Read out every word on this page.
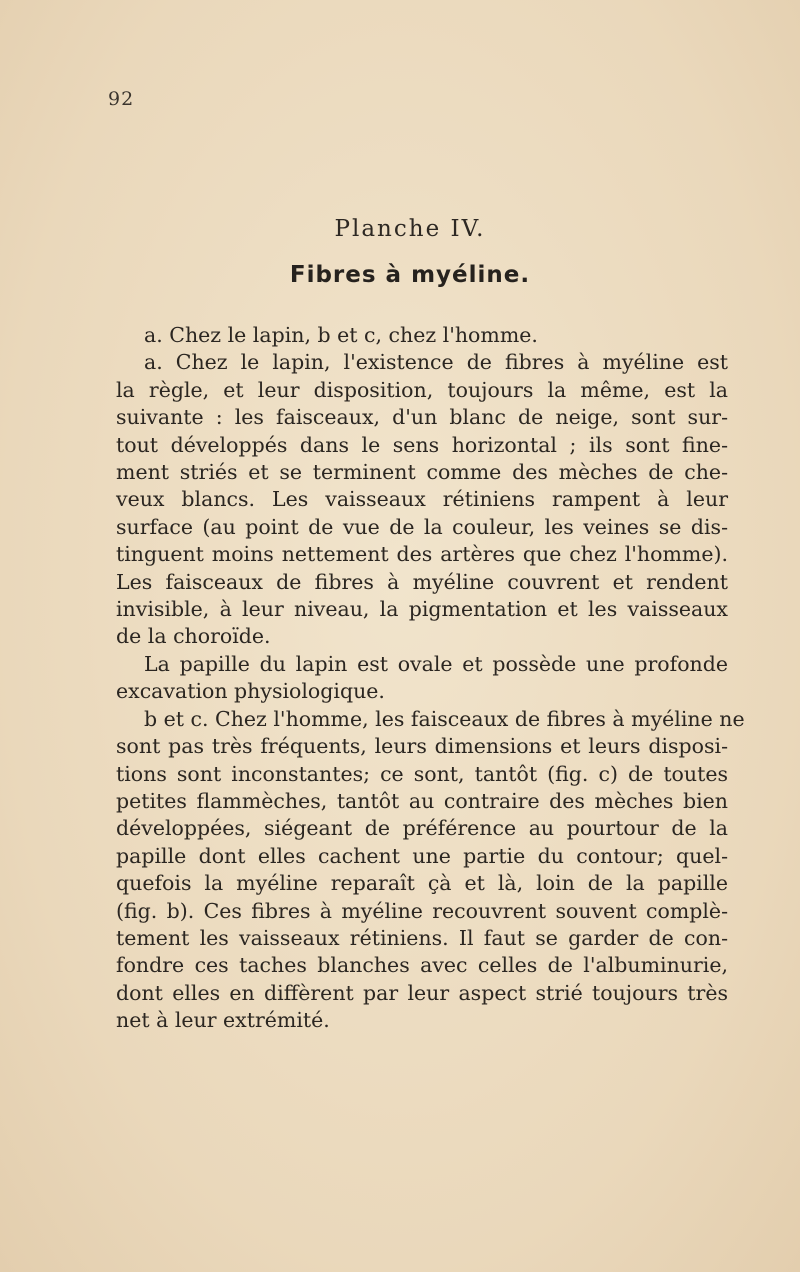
92
Planche IV.
Fibres à myéline.
a. Chez le lapin, b et c, chez l'homme.
a. Chez le lapin, l'existence de fibres à myéline est
la règle, et leur disposition, toujours la même, est la
suivante : les faisceaux, d'un blanc de neige, sont sur-
tout développés dans le sens horizontal ; ils sont fine-
ment striés et se terminent comme des mèches de che-
veux blancs. Les vaisseaux rétiniens rampent à leur
surface (au point de vue de la couleur, les veines se dis-
tinguent moins nettement des artères que chez l'homme).
Les faisceaux de fibres à myéline couvrent et rendent
invisible, à leur niveau, la pigmentation et les vaisseaux
de la choroïde.
La papille du lapin est ovale et possède une profonde
excavation physiologique.
b et c. Chez l'homme, les faisceaux de fibres à myéline ne
sont pas très fréquents, leurs dimensions et leurs disposi-
tions sont inconstantes; ce sont, tantôt (fig. c) de toutes
petites flammèches, tantôt au contraire des mèches bien
développées, siégeant de préférence au pourtour de la
papille dont elles cachent une partie du contour; quel-
quefois la myéline reparaît çà et là, loin de la papille
(fig. b). Ces fibres à myéline recouvrent souvent complè-
tement les vaisseaux rétiniens. Il faut se garder de con-
fondre ces taches blanches avec celles de l'albuminurie,
dont elles en diffèrent par leur aspect strié toujours très
net à leur extrémité.
